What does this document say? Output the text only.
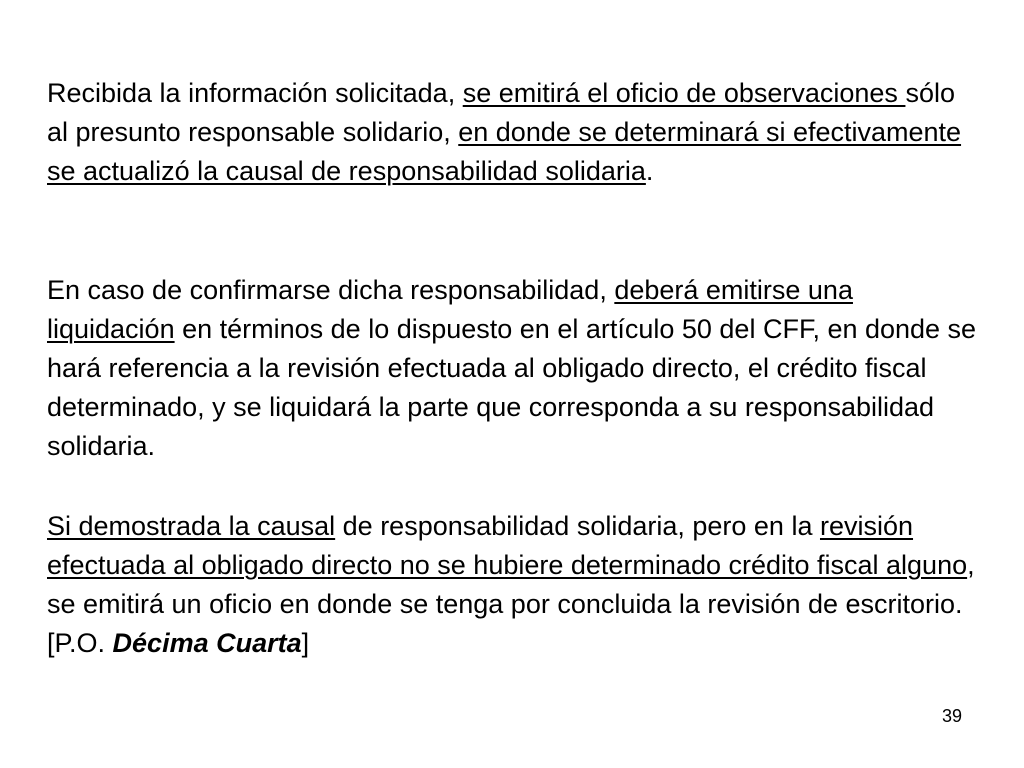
Recibida la información solicitada, se emitirá el oficio de observaciones sólo al presunto responsable solidario, en donde se determinará si efectivamente se actualizó la causal de responsabilidad solidaria.

En caso de confirmarse dicha responsabilidad, deberá emitirse una liquidación en términos de lo dispuesto en el artículo 50 del CFF, en donde se hará referencia a la revisión efectuada al obligado directo, el crédito fiscal determinado, y se liquidará la parte que corresponda a su responsabilidad solidaria.

Si demostrada la causal de responsabilidad solidaria, pero en la revisión efectuada al obligado directo no se hubiere determinado crédito fiscal alguno, se emitirá un oficio en donde se tenga por concluida la revisión de escritorio. [P.O. Décima Cuarta]

39
